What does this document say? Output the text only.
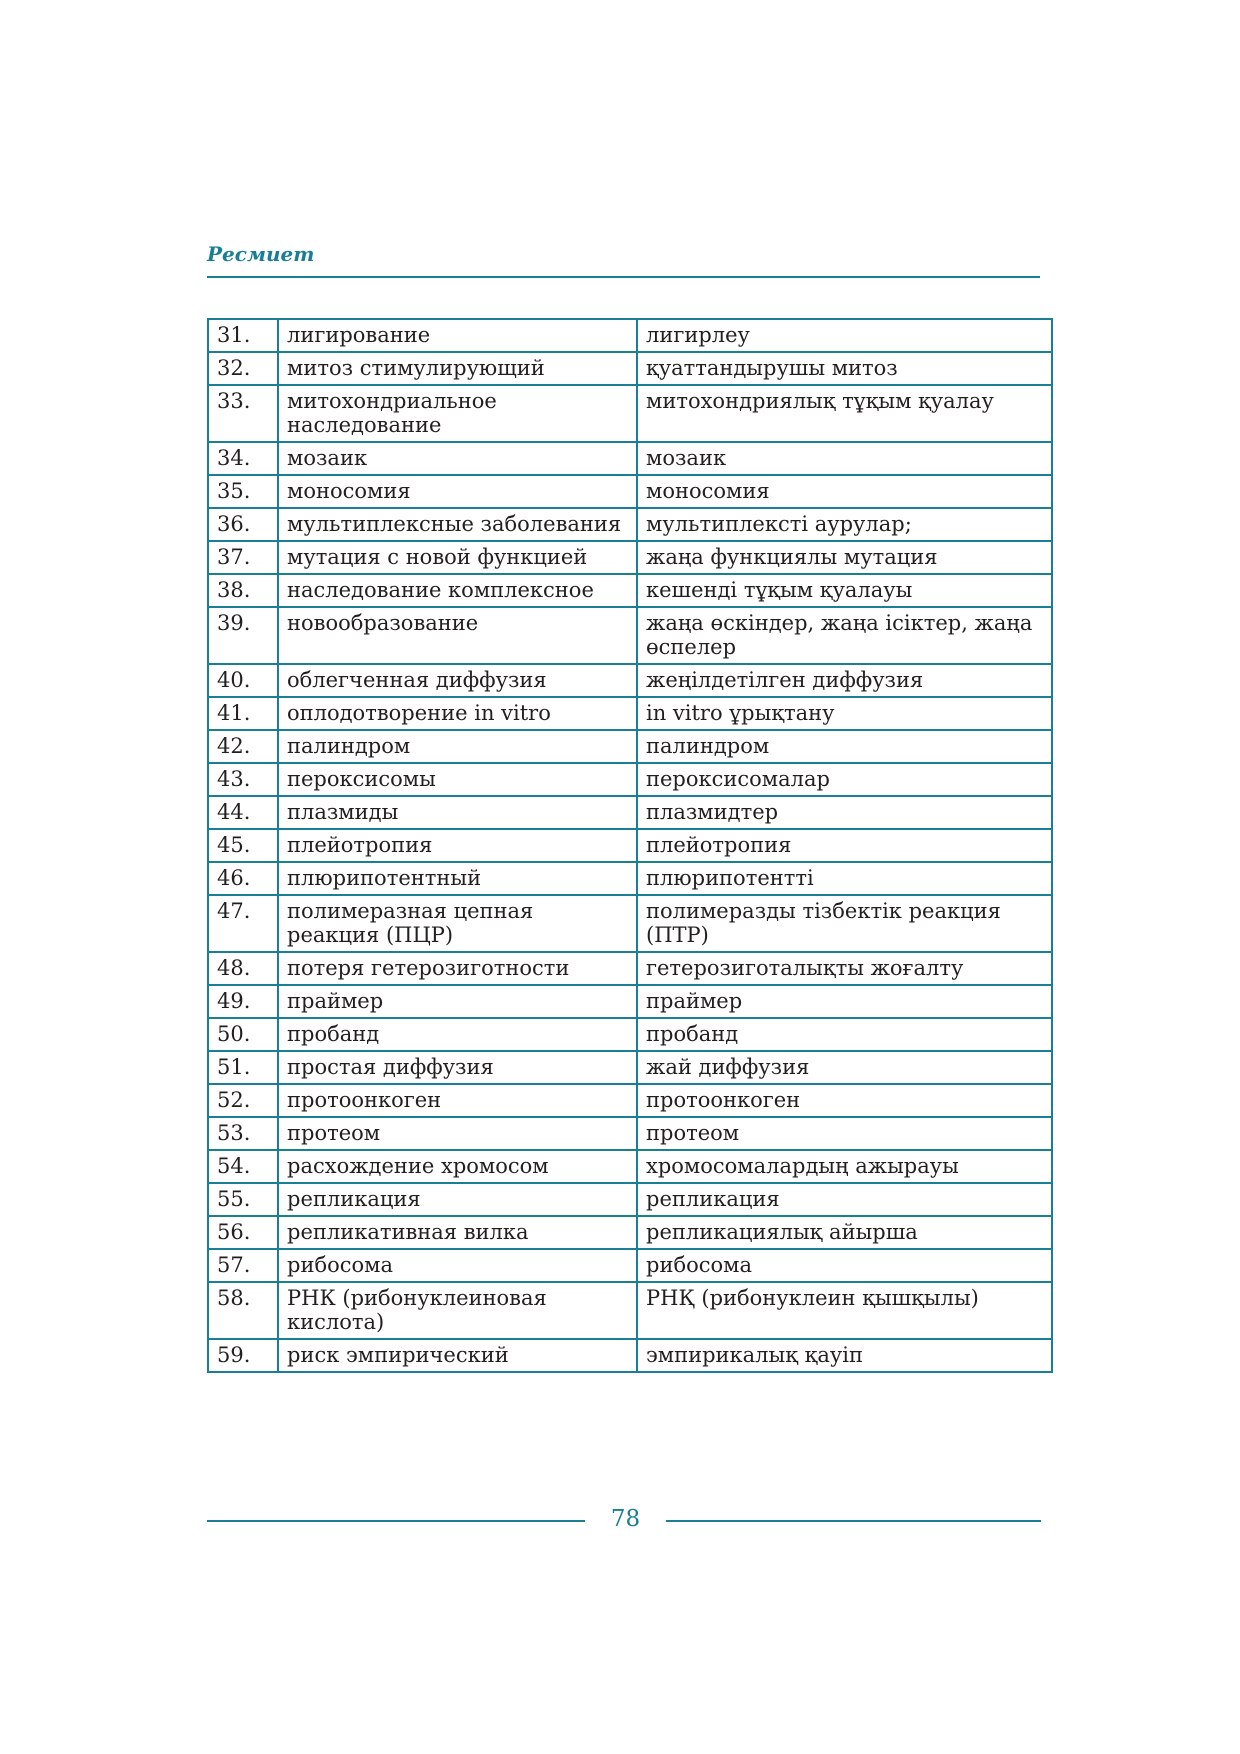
Ресмиет
31.	лигирование	лигирлеу
32.	митоз стимулирующий	қуаттандырушы митоз
33.	митохондриальное наследование	митохондриялық тұқым қуалау
34.	мозаик	мозаик
35.	моносомия	моносомия
36.	мультиплексные заболевания	мультиплексті аурулар;
37.	мутация с новой функцией	жаңа функциялы мутация
38.	наследование комплексное	кешенді тұқым қуалауы
39.	новообразование	жаңа өскіндер, жаңа ісіктер, жаңа өспелер
40.	облегченная диффузия	жеңілдетілген диффузия
41.	оплодотворение in vitro	in vitro ұрықтану
42.	палиндром	палиндром
43.	пероксисомы	пероксисомалар
44.	плазмиды	плазмидтер
45.	плейотропия	плейотропия
46.	плюрипотентный	плюрипотентті
47.	полимеразная цепная реакция (ПЦР)	полимеразды тізбектік реакция (ПТР)
48.	потеря гетерозиготности	гетерозиготалықты жоғалту
49.	праймер	праймер
50.	пробанд	пробанд
51.	простая диффузия	жай диффузия
52.	протоонкоген	протоонкоген
53.	протеом	протеом
54.	расхождение хромосом	хромосомалардың ажырауы
55.	репликация	репликация
56.	репликативная вилка	репликациялық айырша
57.	рибосома	рибосома
58.	РНК (рибонуклеиновая кислота)	РНҚ (рибонуклеин қышқылы)
59.	риск эмпирический	эмпирикалық қауіп
78
